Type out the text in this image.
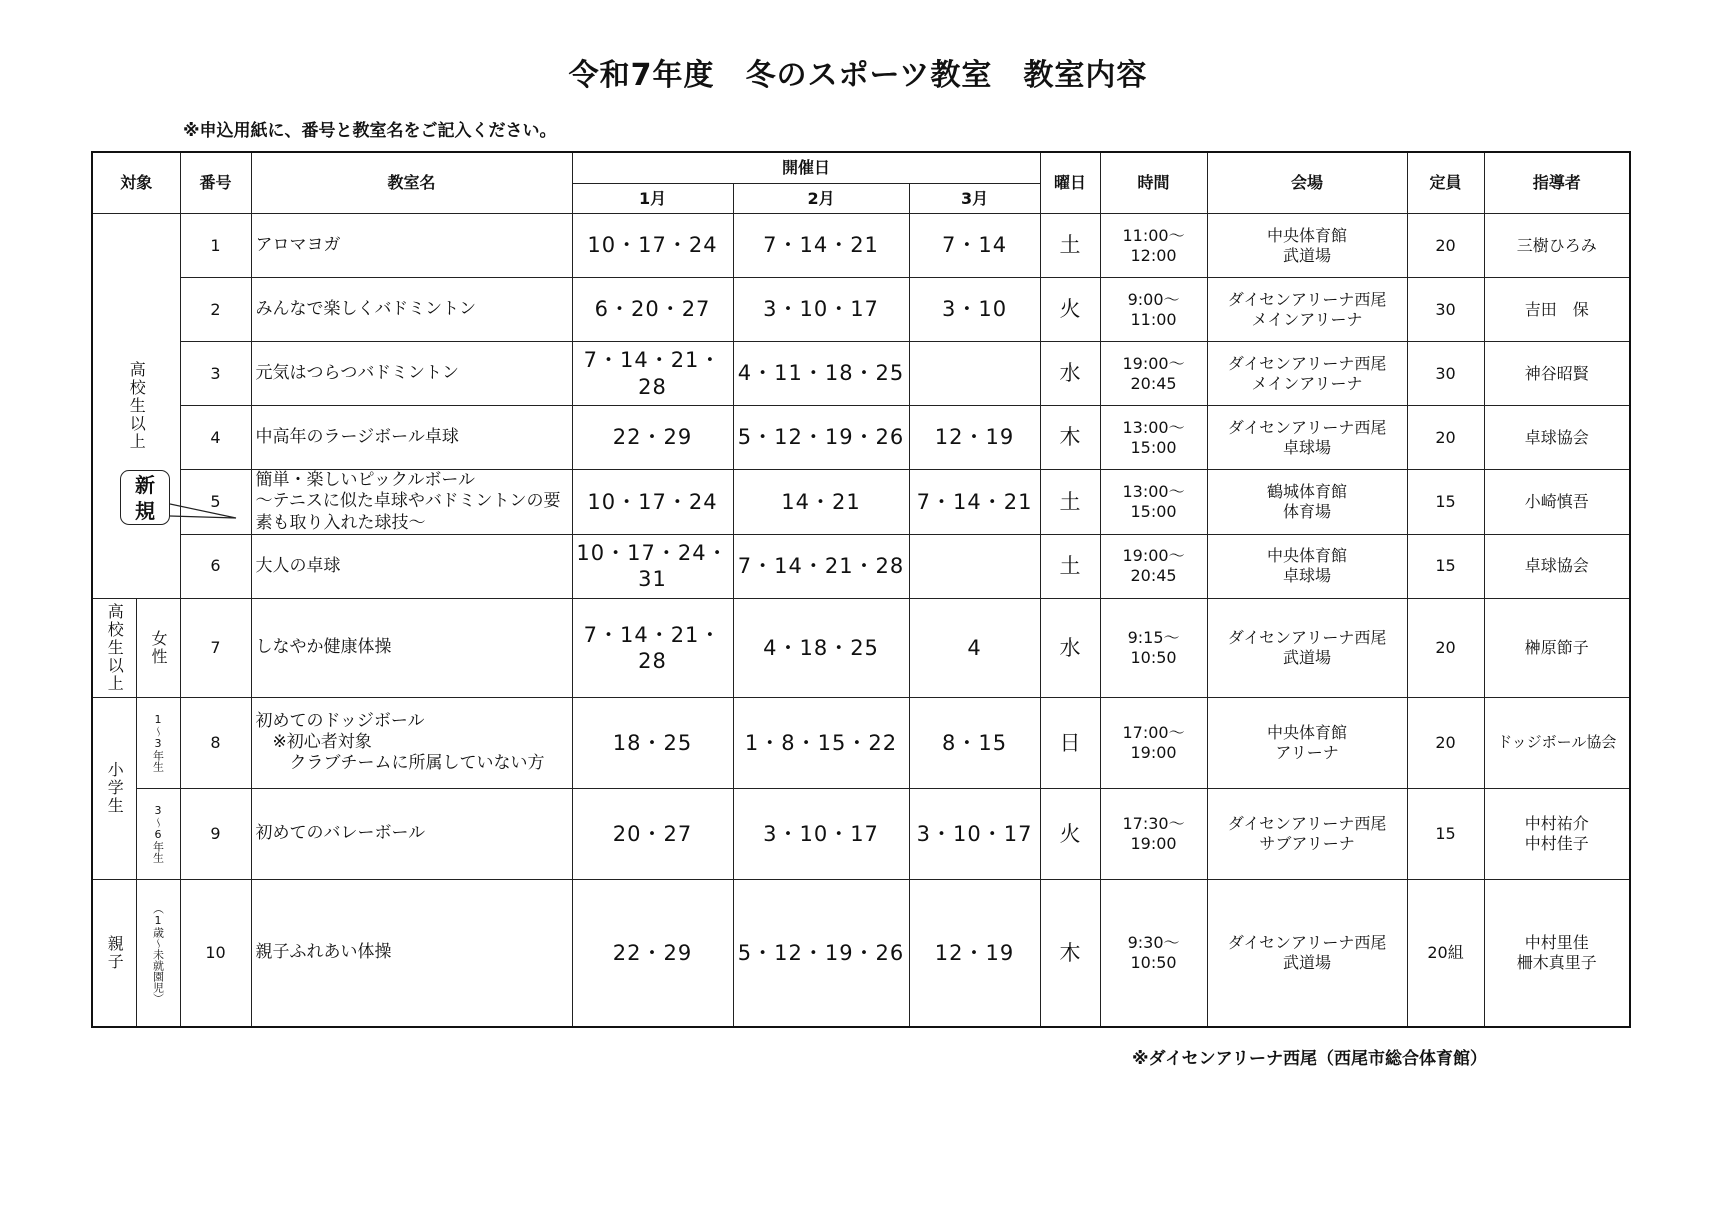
令和7年度　冬のスポーツ教室　教室内容
※申込用紙に、番号と教室名をご記入ください。
対象		番号	教室名	開催日			曜日	時間	会場	定員	指導者
				1月	2月	3月					

高校生以上		1	アロマヨガ	10・17・24	7・14・21	7・14	土	11:00〜
12:00	中央体育館
武道場	20	三樹ひろみ

		2	みんなで楽しくバドミントン	6・20・27	3・10・17	3・10	火	9:00〜
11:00	ダイセンアリーナ西尾
メインアリーナ	30	吉田　保

		3	元気はつらつバドミントン	7・14・21・28	4・11・18・25		水	19:00〜
20:45	ダイセンアリーナ西尾
メインアリーナ	30	神谷昭賢

		4	中高年のラージボール卓球	22・29	5・12・19・26	12・19	木	13:00〜
15:00	ダイセンアリーナ西尾
卓球場	20	卓球協会

		5	簡単・楽しいピックルボール
〜テニスに似た卓球やバドミントンの要
素も取り入れた球技〜	10・17・24	14・21	7・14・21	土	13:00〜
15:00	鶴城体育館
体育場	15	小崎慎吾

		6	大人の卓球	10・17・24・31	7・14・21・28		土	19:00〜
20:45	中央体育館
卓球場	15	卓球協会

高校生以上	女性	7	しなやか健康体操	7・14・21・28	4・18・25	4	水	9:15〜
10:50	ダイセンアリーナ西尾
武道場	20	榊原節子

小学生	1〜3年生	8	初めてのドッジボール
　※初心者対象
　　クラブチームに所属していない方	18・25	1・8・15・22	8・15	日	17:00〜
19:00	中央体育館
アリーナ	20	ドッジボール協会

	3〜6年生	9	初めてのバレーボール	20・27	3・10・17	3・10・17	火	17:30〜
19:00	ダイセンアリーナ西尾
サブアリーナ	15	中村祐介
中村佳子

親子	（1歳〜未就園児）	10	親子ふれあい体操	22・29	5・12・19・26	12・19	木	9:30〜
10:50	ダイセンアリーナ西尾
武道場	20組	中村里佳
柵木真里子
新
規
※ダイセンアリーナ西尾（西尾市総合体育館）
